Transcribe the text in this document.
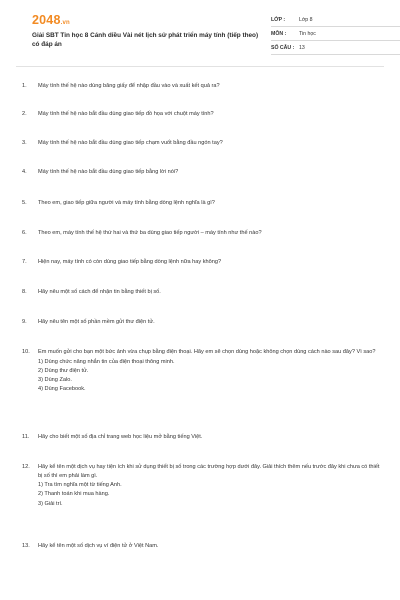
2048.vn
Giải SBT Tin học 8 Cánh diều Vài nét lịch sử phát triển máy tính (tiếp theo) có đáp án
LỚP :	Lớp 8
MÔN :	Tin học
SỐ CÂU : 13
1. Máy tính thế hệ nào dùng băng giấy để nhập đầu vào và xuất kết quả ra?
2. Máy tính thế hệ nào bắt đầu dùng giao tiếp đồ họa với chuột máy tính?
3. Máy tính thế hệ nào bắt đầu dùng giao tiếp chạm vuốt bằng đầu ngón tay?
4. Máy tính thế hệ nào bắt đầu dùng giao tiếp bằng lời nói?
5. Theo em, giao tiếp giữa người và máy tính bằng dòng lệnh nghĩa là gì?
6. Theo em, máy tính thế hệ thứ hai và thứ ba dùng giao tiếp người – máy tính như thế nào?
7. Hiện nay, máy tính có còn dùng giao tiếp bằng dòng lệnh nữa hay không?
8. Hãy nêu một số cách để nhận tin bằng thiết bị số.
9. Hãy nêu tên một số phần mềm gửi thư điện tử.
10. Em muốn gửi cho bạn một bức ảnh vừa chụp bằng điện thoại. Hãy em sẽ chọn dùng hoặc không chọn dùng cách nào sau đây? Vì sao?
1) Dùng chức năng nhắn tin của điện thoại thông minh.
2) Dùng thư điện tử.
3) Dùng Zalo.
4) Dùng Facebook.
11. Hãy cho biết một số địa chỉ trang web học liệu mở bằng tiếng Việt.
12. Hãy kể tên một dịch vụ hay tiện ích khi sử dụng thiết bị số trong các trường hợp dưới đây. Giải thích thêm nếu trước đây khi chưa có thiết bị số thì em phải làm gì.
1) Tra tìm nghĩa một từ tiếng Anh.
2) Thanh toán khi mua hàng.
3) Giải trí.
13. Hãy kể tên một số dịch vụ ví điện tử ở Việt Nam.
